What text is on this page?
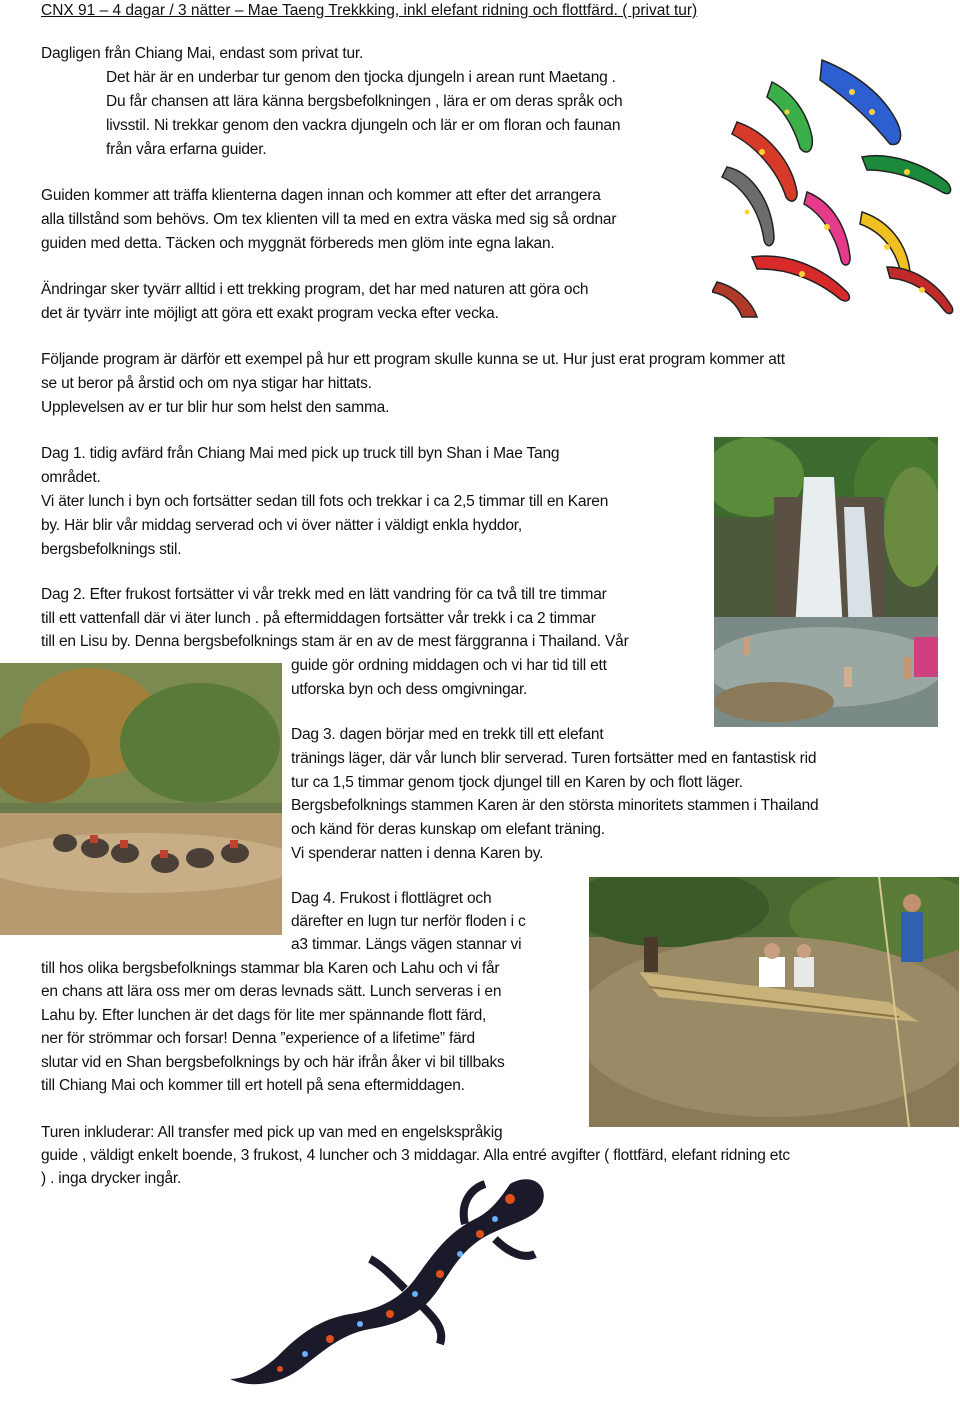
CNX 91 – 4 dagar / 3 nätter – Mae Taeng Trekkking, inkl elefant ridning och flottfärd. ( privat tur)

Dagligen från Chiang Mai, endast som privat tur.

Det här är en underbar tur genom den tjocka djungeln i arean runt Maetang .

Du får chansen att lära känna bergsbefolkningen , lära er om deras språk och

livsstil. Ni trekkar genom den vackra djungeln och lär er om floran och faunan

från våra erfarna guider.

Guiden kommer att träffa klienterna dagen innan och kommer att efter det arrangera

alla tillstånd som behövs. Om tex klienten vill ta med en extra väska med sig så ordnar

guiden med detta. Täcken och myggnät förbereds men glöm inte egna lakan.

Ändringar sker tyvärr alltid i ett trekking program, det har med naturen att göra och

det är tyvärr inte möjligt att göra ett exakt program vecka efter vecka.

Följande program är därför ett exempel på hur ett program skulle kunna se ut. Hur just erat program kommer att

se ut beror på årstid och om nya stigar har hittats.

Upplevelsen av er tur blir hur som helst den samma.

Dag 1. tidig avfärd från Chiang Mai med pick up truck till byn Shan i Mae Tang

området.

Vi äter lunch i byn och fortsätter sedan till fots och trekkar i ca 2,5 timmar till en Karen

by. Här blir vår middag serverad och vi över nätter i väldigt enkla hyddor,

bergsbefolknings stil.

Dag 2. Efter frukost fortsätter vi vår trekk med en lätt vandring för ca två till tre timmar

till ett vattenfall där vi äter lunch . på eftermiddagen fortsätter vår trekk i ca 2 timmar

till en Lisu by. Denna bergsbefolknings stam är en av de mest färggranna i Thailand. Vår

guide gör ordning middagen och vi har tid till ett

utforska byn och dess omgivningar.

Dag 3. dagen börjar med en trekk till ett elefant

tränings läger, där vår lunch blir serverad. Turen fortsätter med en fantastisk rid

tur ca 1,5 timmar genom tjock djungel till en Karen by och flott läger.

Bergsbefolknings stammen Karen är den största minoritets stammen i Thailand

och känd för deras kunskap om elefant träning.

Vi spenderar natten i denna Karen by.

Dag 4. Frukost i flottlägret och

därefter en lugn tur nerför floden i c

a3 timmar. Längs vägen stannar vi

till hos olika bergsbefolknings stammar bla Karen och Lahu och vi får

en chans att lära oss mer om deras levnads sätt. Lunch serveras i en

Lahu by. Efter lunchen är det dags för lite mer spännande flott färd,

ner för strömmar och forsar! Denna ”experience of a lifetime” färd

slutar vid en Shan bergsbefolknings by och här ifrån åker vi bil tillbaks

till Chiang Mai och kommer till ert hotell på sena eftermiddagen.

Turen inkluderar: All transfer med pick up van med en engelskspråkig

guide , väldigt enkelt boende, 3 frukost, 4 luncher och 3 middagar. Alla entré avgifter ( flottfärd, elefant ridning etc

) . inga drycker ingår.
